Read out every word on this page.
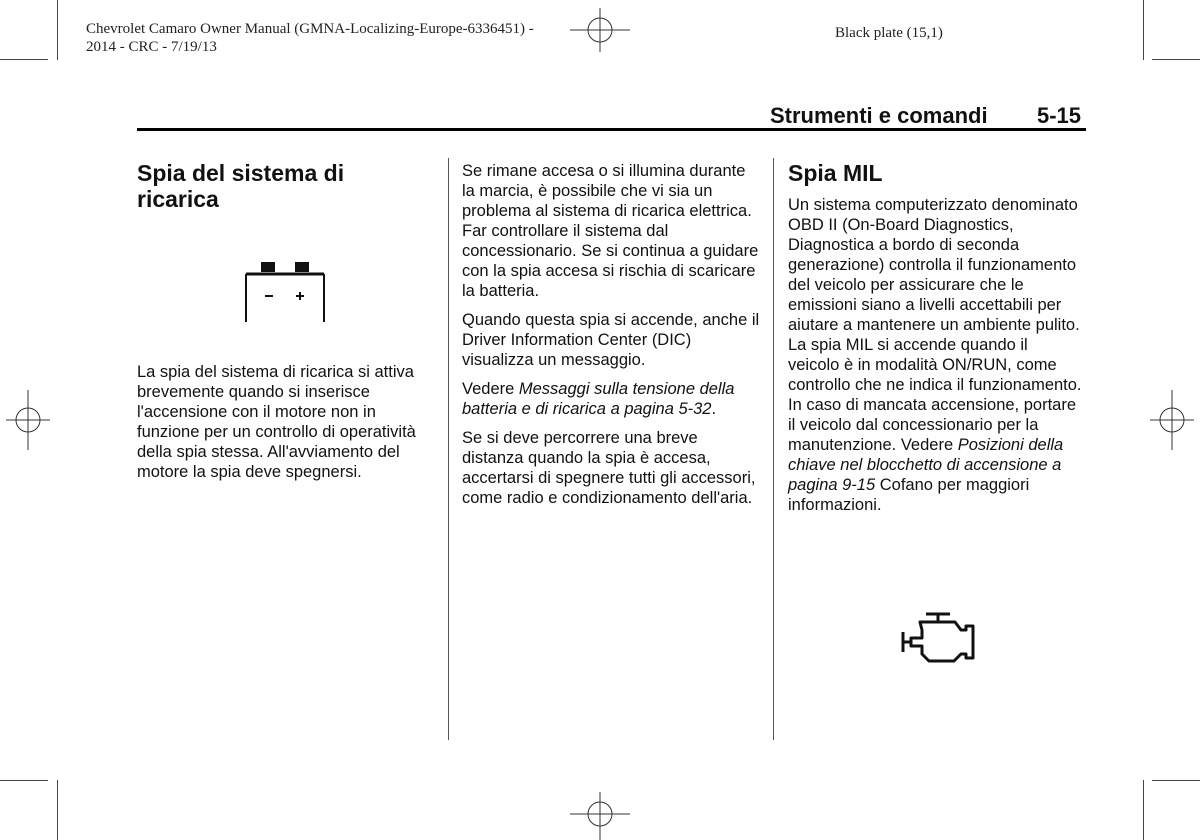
Chevrolet Camaro Owner Manual (GMNA-Localizing-Europe-6336451) -
2014 - CRC - 7/19/13
Black plate (15,1)
Strumenti e comandi 5-15
Spia del sistema di ricarica

La spia del sistema di ricarica si attiva brevemente quando si inserisce l'accensione con il motore non in funzione per un controllo di operatività della spia stessa. All'avviamento del motore la spia deve spegnersi.

Se rimane accesa o si illumina durante la marcia, è possibile che vi sia un problema al sistema di ricarica elettrica. Far controllare il sistema dal concessionario. Se si continua a guidare con la spia accesa si rischia di scaricare la batteria.

Quando questa spia si accende, anche il Driver Information Center (DIC) visualizza un messaggio.

Vedere Messaggi sulla tensione della batteria e di ricarica a pagina 5-32.

Se si deve percorrere una breve distanza quando la spia è accesa, accertarsi di spegnere tutti gli accessori, come radio e condizionamento dell'aria.

Spia MIL

Un sistema computerizzato denominato OBD II (On-Board Diagnostics, Diagnostica a bordo di seconda generazione) controlla il funzionamento del veicolo per assicurare che le emissioni siano a livelli accettabili per aiutare a mantenere un ambiente pulito. La spia MIL si accende quando il veicolo è in modalità ON/RUN, come controllo che ne indica il funzionamento. In caso di mancata accensione, portare il veicolo dal concessionario per la manutenzione. Vedere Posizioni della chiave nel blocchetto di accensione a pagina 9-15 Cofano per maggiori informazioni.
